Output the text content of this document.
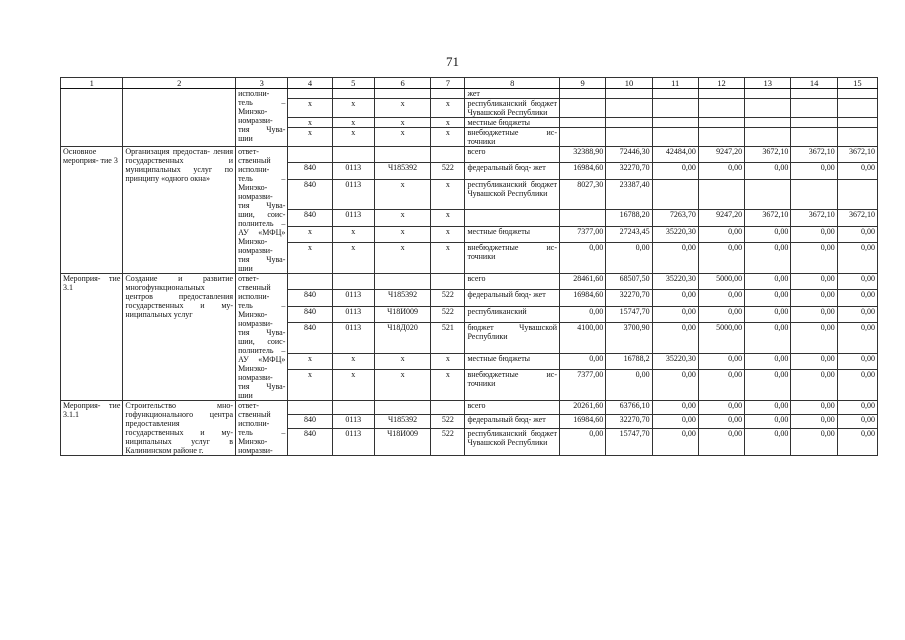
71
1	2	3	4	5	6	7	8	9	10	11	12	13	14	15
		исполни- тель – Минэко- номразви- тия Чува- шии					жет							
			x	x	x	x	республиканский бюджет Чувашской Республики							
			x	x	x	x	местные бюджеты							
			x	x	x	x	внебюджетные ис- точники							
Основное мероприя- тие 3	Организация предостав- ления государственных и муниципальных услуг по принципу «одного окна»	ответ- ственный исполни- тель – Минэко- номразви- тия Чува- шии, соис- полнитель – АУ «МФЦ» Минэко- номразви- тия Чува- шии					всего	32388,90	72446,30	42484,00	9247,20	3672,10	3672,10	3672,10
			840	0113	Ч185392	522	федеральный бюд- жет	16984,60	32270,70	0,00	0,00	0,00	0,00	0,00
			840	0113	x	x	республиканский бюджет Чувашской Республики	8027,30	23387,40					
			840	0113	x	x			16788,20	7263,70	9247,20	3672,10	3672,10	3672,10
			x	x	x	x	местные бюджеты	7377,00	27243,45	35220,30	0,00	0,00	0,00	0,00
			x	x	x	x	внебюджетные ис- точники	0,00	0,00	0,00	0,00	0,00	0,00	0,00
Мероприя- тие 3.1	Создание и развитие многофункциональных центров предоставления государственных и му- ниципальных услуг	ответ- ственный исполни- тель – Минэко- номразви- тия Чува- шии, соис- полнитель – АУ «МФЦ» Минэко- номразви- тия Чува- шии					всего	28461,60	68507,50	35220,30	5000,00	0,00	0,00	0,00
			840	0113	Ч185392	522	федеральный бюд- жет	16984,60	32270,70	0,00	0,00	0,00	0,00	0,00
			840	0113	Ч18И009	522	республиканский	0,00	15747,70	0,00	0,00	0,00	0,00	0,00
			840	0113	Ч18Д020	521	бюджет Чувашской Республики	4100,00	3700,90	0,00	5000,00	0,00	0,00	0,00
			x	x	x	x	местные бюджеты	0,00	16788,2	35220,30	0,00	0,00	0,00	0,00
			x	x	x	x	внебюджетные ис- точники	7377,00	0,00	0,00	0,00	0,00	0,00	0,00
Мероприя- тие 3.1.1	Строительство мно- гофункционального центра предоставления государственных и му- ниципальных услуг в Калининском районе г.	ответ- ственный исполни- тель – Минэко- номразви-					всего	20261,60	63766,10	0,00	0,00	0,00	0,00	0,00
			840	0113	Ч185392	522	федеральный бюд- жет	16984,60	32270,70	0,00	0,00	0,00	0,00	0,00
			840	0113	Ч18И009	522	республиканский бюджет Чувашской Республики	0,00	15747,70	0,00	0,00	0,00	0,00	0,00
